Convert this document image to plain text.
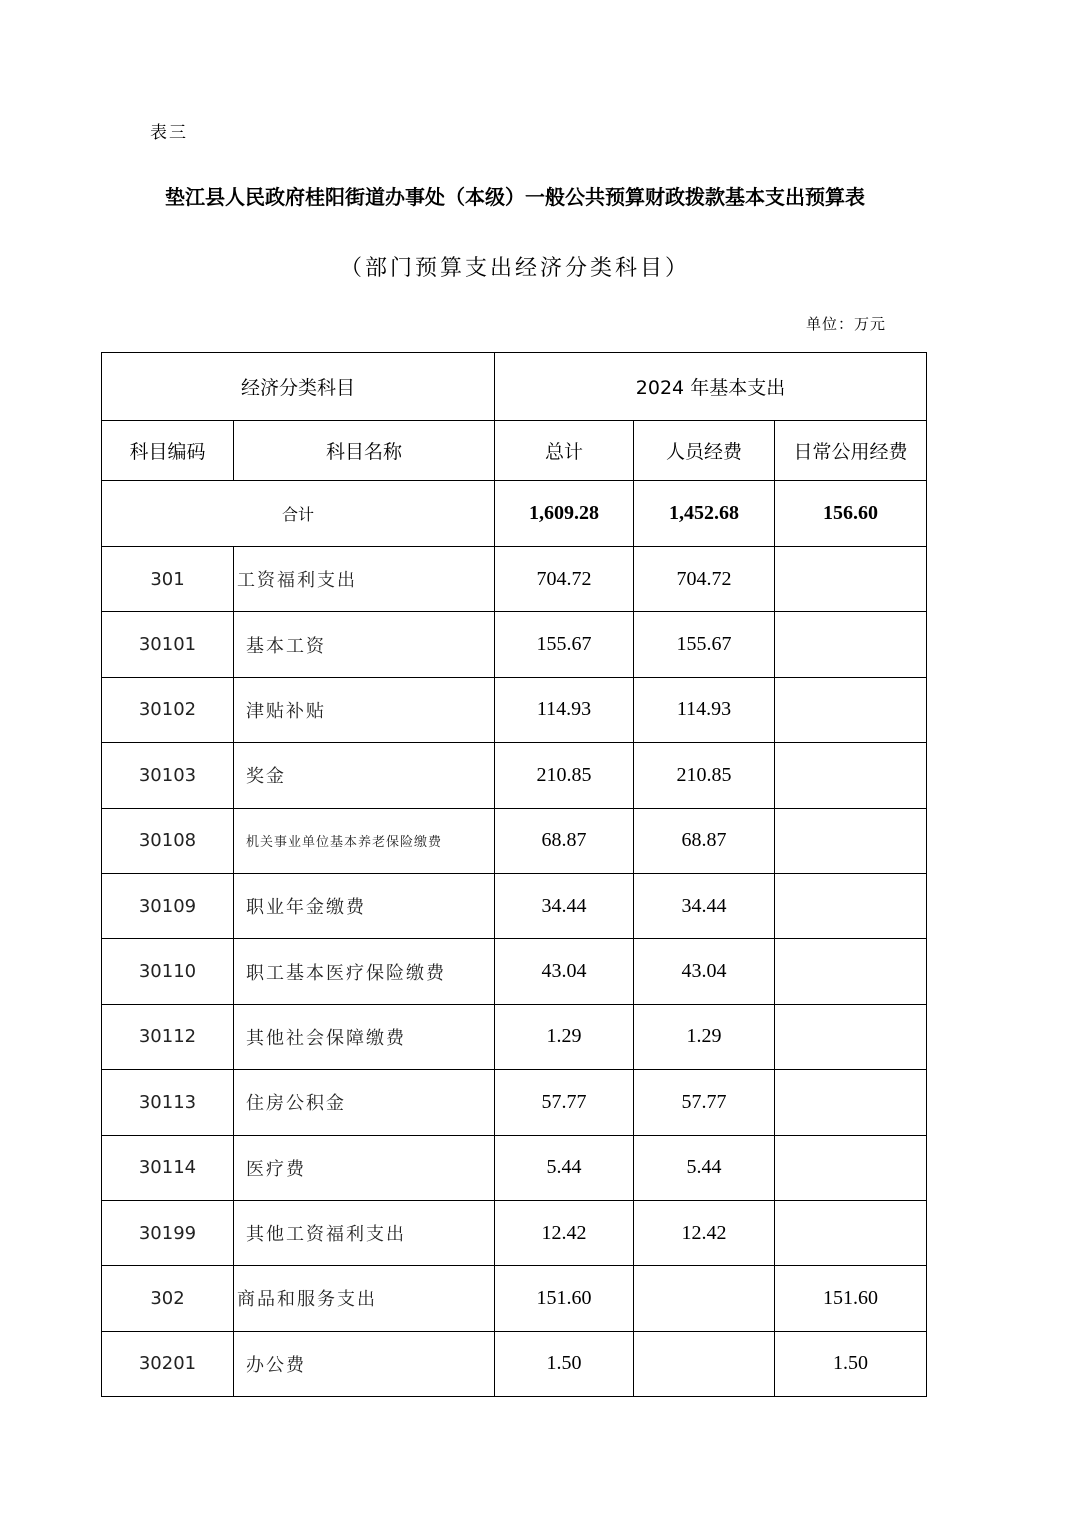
表三
垫江县人民政府桂阳街道办事处（本级）一般公共预算财政拨款基本支出预算表
（部门预算支出经济分类科目）
单位：万元
经济分类科目		2024 年基本支出		
科目编码	科目名称	总计	人员经费	日常公用经费
合计		1,609.28	1,452.68	156.60
301	工资福利支出	704.72	704.72	
30101	基本工资	155.67	155.67	
30102	津贴补贴	114.93	114.93	
30103	奖金	210.85	210.85	
30108	机关事业单位基本养老保险缴费	68.87	68.87	
30109	职业年金缴费	34.44	34.44	
30110	职工基本医疗保险缴费	43.04	43.04	
30112	其他社会保障缴费	1.29	1.29	
30113	住房公积金	57.77	57.77	
30114	医疗费	5.44	5.44	
30199	其他工资福利支出	12.42	12.42	
302	商品和服务支出	151.60		151.60
30201	办公费	1.50		1.50
